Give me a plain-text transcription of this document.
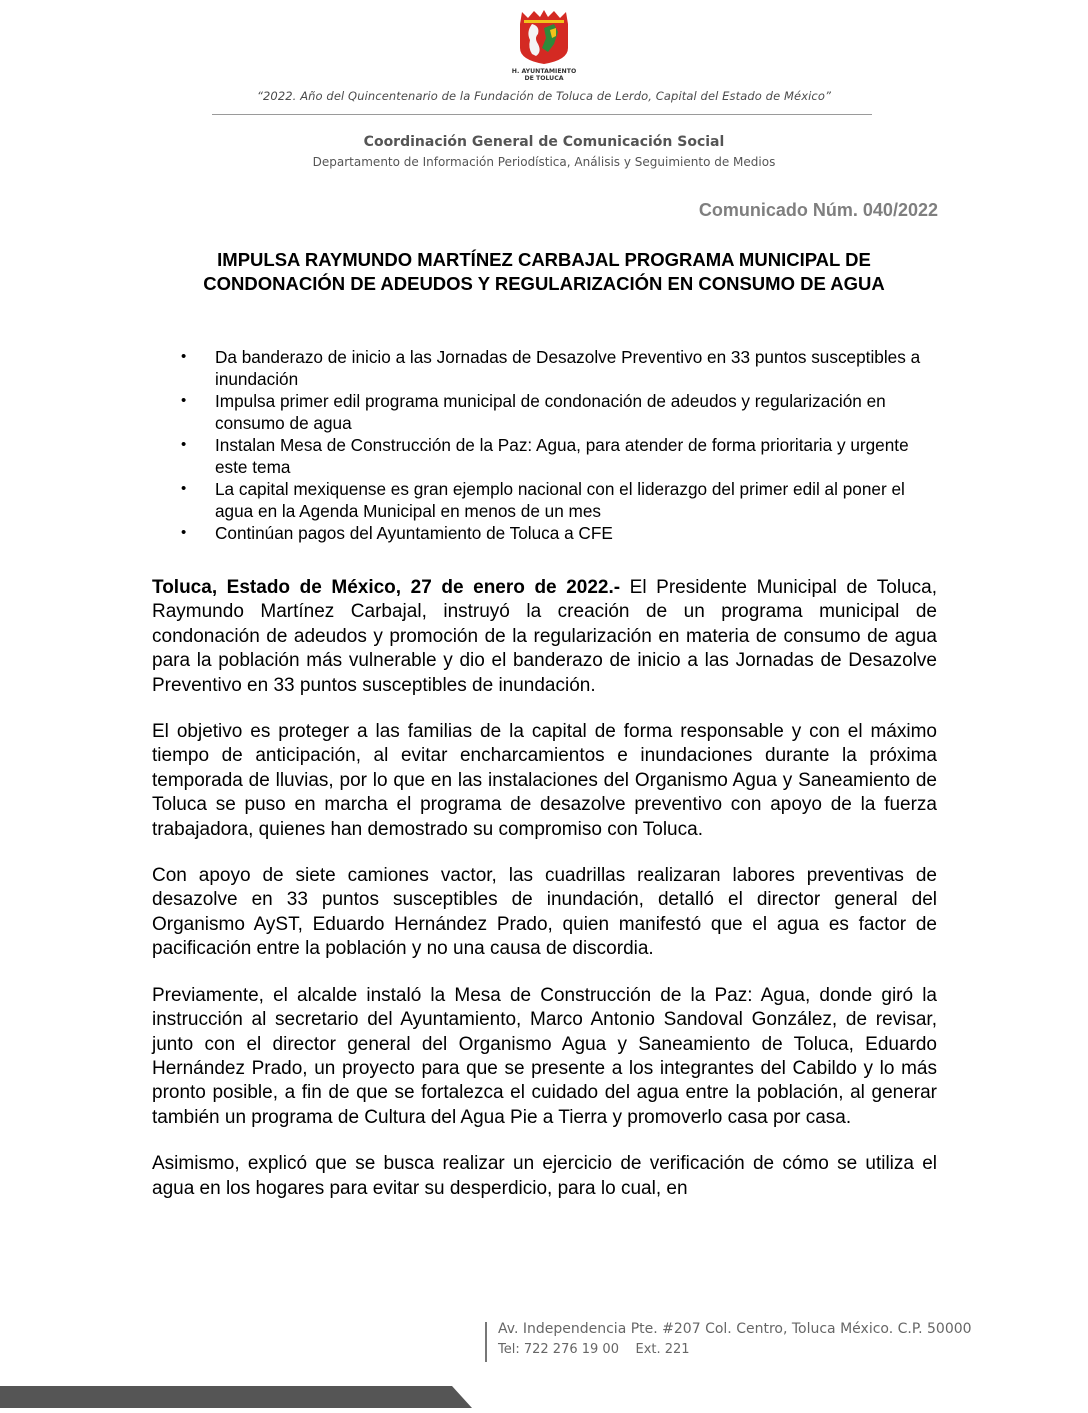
H. AYUNTAMIENTO
DE TOLUCA
“2022. Año del Quincentenario de la Fundación de Toluca de Lerdo, Capital del Estado de México”
Coordinación General de Comunicación Social
Departamento de Información Periodística, Análisis y Seguimiento de Medios
Comunicado Núm. 040/2022
IMPULSA RAYMUNDO MARTÍNEZ CARBAJAL PROGRAMA MUNICIPAL DE CONDONACIÓN DE ADEUDOS Y REGULARIZACIÓN EN CONSUMO DE AGUA
• Da banderazo de inicio a las Jornadas de Desazolve Preventivo en 33 puntos susceptibles a inundación
• Impulsa primer edil programa municipal de condonación de adeudos y regularización en consumo de agua
• Instalan Mesa de Construcción de la Paz: Agua, para atender de forma prioritaria y urgente este tema
• La capital mexiquense es gran ejemplo nacional con el liderazgo del primer edil al poner el agua en la Agenda Municipal en menos de un mes
• Continúan pagos del Ayuntamiento de Toluca a CFE

Toluca, Estado de México, 27 de enero de 2022.- El Presidente Municipal de Toluca, Raymundo Martínez Carbajal, instruyó la creación de un programa municipal de condonación de adeudos y promoción de la regularización en materia de consumo de agua para la población más vulnerable y dio el banderazo de inicio a las Jornadas de Desazolve Preventivo en 33 puntos susceptibles de inundación.

El objetivo es proteger a las familias de la capital de forma responsable y con el máximo tiempo de anticipación, al evitar encharcamientos e inundaciones durante la próxima temporada de lluvias, por lo que en las instalaciones del Organismo Agua y Saneamiento de Toluca se puso en marcha el programa de desazolve preventivo con apoyo de la fuerza trabajadora, quienes han demostrado su compromiso con Toluca.

Con apoyo de siete camiones vactor, las cuadrillas realizaran labores preventivas de desazolve en 33 puntos susceptibles de inundación, detalló el director general del Organismo AyST, Eduardo Hernández Prado, quien manifestó que el agua es factor de pacificación entre la población y no una causa de discordia.

Previamente, el alcalde instaló la Mesa de Construcción de la Paz: Agua, donde giró la instrucción al secretario del Ayuntamiento, Marco Antonio Sandoval González, de revisar, junto con el director general del Organismo Agua y Saneamiento de Toluca, Eduardo Hernández Prado, un proyecto para que se presente a los integrantes del Cabildo y lo más pronto posible, a fin de que se fortalezca el cuidado del agua entre la población, al generar también un programa de Cultura del Agua Pie a Tierra y promoverlo casa por casa.

Asimismo, explicó que se busca realizar un ejercicio de verificación de cómo se utiliza el agua en los hogares para evitar su desperdicio, para lo cual, en

Av. Independencia Pte. #207 Col. Centro, Toluca México. C.P. 50000
Tel: 722 276 19 00    Ext. 221
